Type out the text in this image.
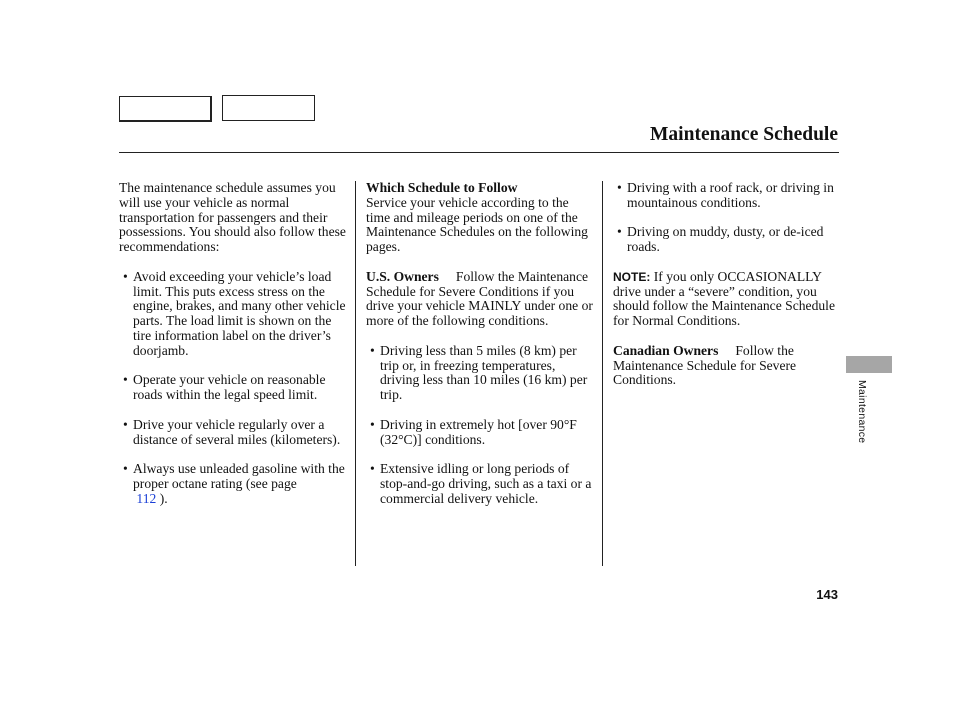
Maintenance Schedule

The maintenance schedule assumes you will use your vehicle as normal transportation for passengers and their possessions. You should also follow these recommendations:

• Avoid exceeding your vehicle’s load limit. This puts excess stress on the engine, brakes, and many other vehicle parts. The load limit is shown on the tire information label on the driver’s doorjamb.
• Operate your vehicle on reasonable roads within the legal speed limit.
• Drive your vehicle regularly over a distance of several miles (kilometers).
• Always use unleaded gasoline with the proper octane rating (see page
112 ).

Which Schedule to Follow
Service your vehicle according to the time and mileage periods on one of the Maintenance Schedules on the following pages.

U.S. Owners Follow the Maintenance Schedule for Severe Conditions if you drive your vehicle MAINLY under one or more of the following conditions.

• Driving less than 5 miles (8 km) per trip or, in freezing temperatures, driving less than 10 miles (16 km) per trip.
• Driving in extremely hot [over 90°F (32°C)] conditions.
• Extensive idling or long periods of stop-and-go driving, such as a taxi or a commercial delivery vehicle.
• Driving with a roof rack, or driving in mountainous conditions.
• Driving on muddy, dusty, or de-iced roads.

NOTE: If you only OCCASIONALLY drive under a “severe” condition, you should follow the Maintenance Schedule for Normal Conditions.

Canadian Owners Follow the Maintenance Schedule for Severe Conditions.

Maintenance
143
